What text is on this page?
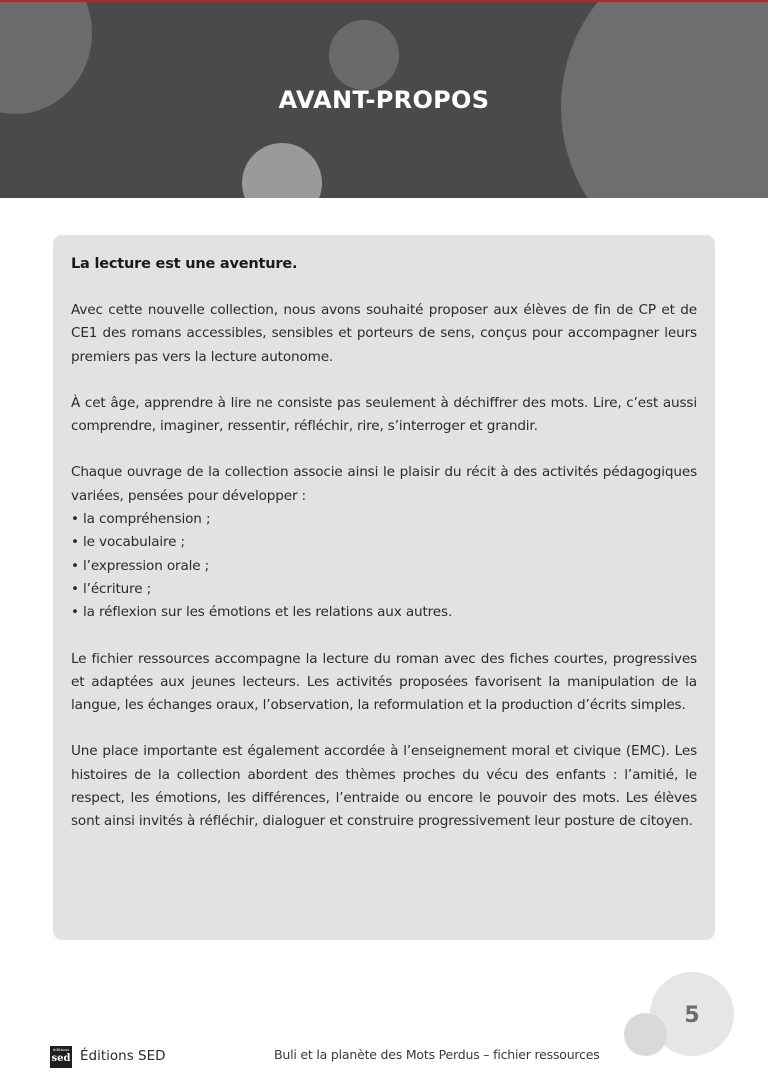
AVANT-PROPOS
La lecture est une aventure.

Avec cette nouvelle collection, nous avons souhaité proposer aux élèves de fin de CP et de CE1 des romans accessibles, sensibles et porteurs de sens, conçus pour accompagner leurs premiers pas vers la lecture autonome.

À cet âge, apprendre à lire ne consiste pas seulement à déchiffrer des mots. Lire, c’est aussi comprendre, imaginer, ressentir, réfléchir, rire, s’interroger et grandir.

Chaque ouvrage de la collection associe ainsi le plaisir du récit à des activités pédagogiques variées, pensées pour développer :

• la compréhension ;
• le vocabulaire ;
• l’expression orale ;
• l’écriture ;
• la réflexion sur les émotions et les relations aux autres.

Le fichier ressources accompagne la lecture du roman avec des fiches courtes, progressives et adaptées aux jeunes lecteurs. Les activités proposées favorisent la manipulation de la langue, les échanges oraux, l’observation, la reformulation et la production d’écrits simples.

Une place importante est également accordée à l’enseignement moral et civique (EMC). Les histoires de la collection abordent des thèmes proches du vécu des enfants : l’amitié, le respect, les émotions, les différences, l’entraide ou encore le pouvoir des mots. Les élèves sont ainsi invités à réfléchir, dialoguer et construire progressivement leur posture de citoyen.

5
éditions
sed Éditions SED	Buli et la planète des Mots Perdus – fichier ressources
